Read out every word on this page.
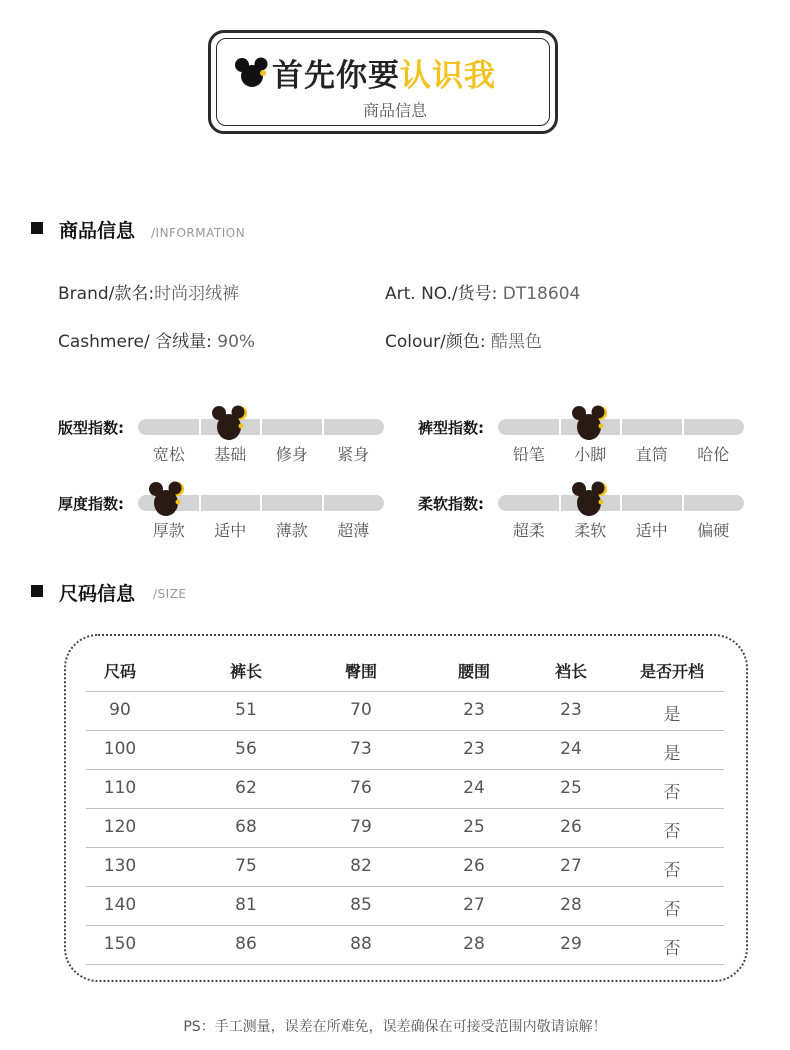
首先你要认识我
商品信息
商品信息 /INFORMATION
Brand/款名:时尚羽绒裤	Art. NO./货号: DT18604
Cashmere/ 含绒量: 90%	Colour/颜色: 酷黑色
版型指数:
宽松	基础	修身	紧身
裤型指数:
铅笔	小脚	直筒	哈伦
厚度指数:
厚款	适中	薄款	超薄
柔软指数:
超柔	柔软	适中	偏硬
尺码信息 /SIZE
尺码	裤长	臀围	腰围	裆长	是否开档
90	51	70	23	23	是
100	56	73	23	24	是
110	62	76	24	25	否
120	68	79	25	26	否
130	75	82	26	27	否
140	81	85	27	28	否
150	86	88	28	29	否
PS：手工测量，误差在所难免，误差确保在可接受范围内敬请谅解！
